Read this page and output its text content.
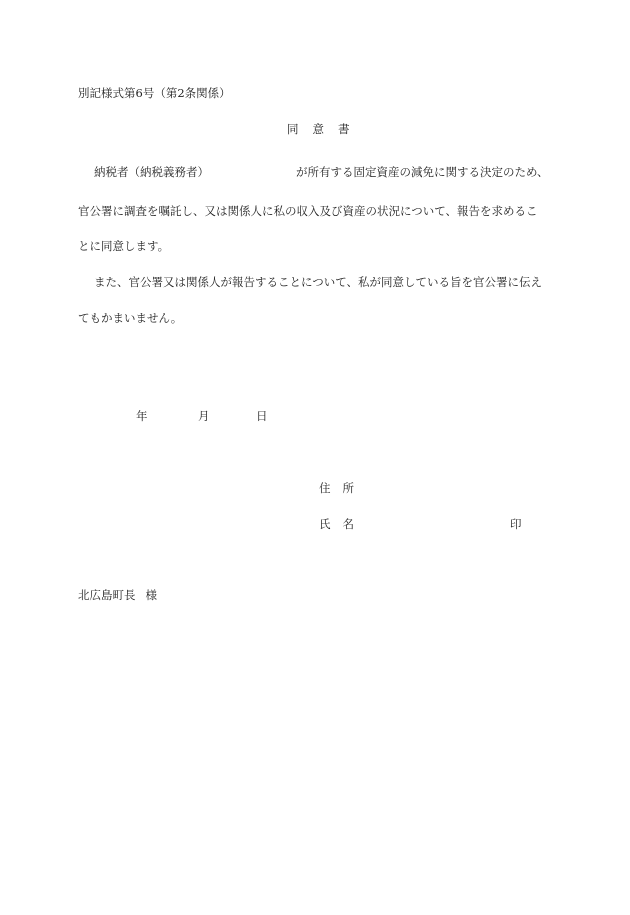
別記様式第6号（第2条関係）
同 意 書
納税者（納税義務者）	が所有する固定資産の減免に関する決定のため、
官公署に調査を嘱託し、又は関係人に私の収入及び資産の状況について、報告を求めるこ
とに同意します。
また、官公署又は関係人が報告することについて、私が同意している旨を官公署に伝え
てもかまいません。
年	月	日
住 所
氏 名	印
北広島町長 様
